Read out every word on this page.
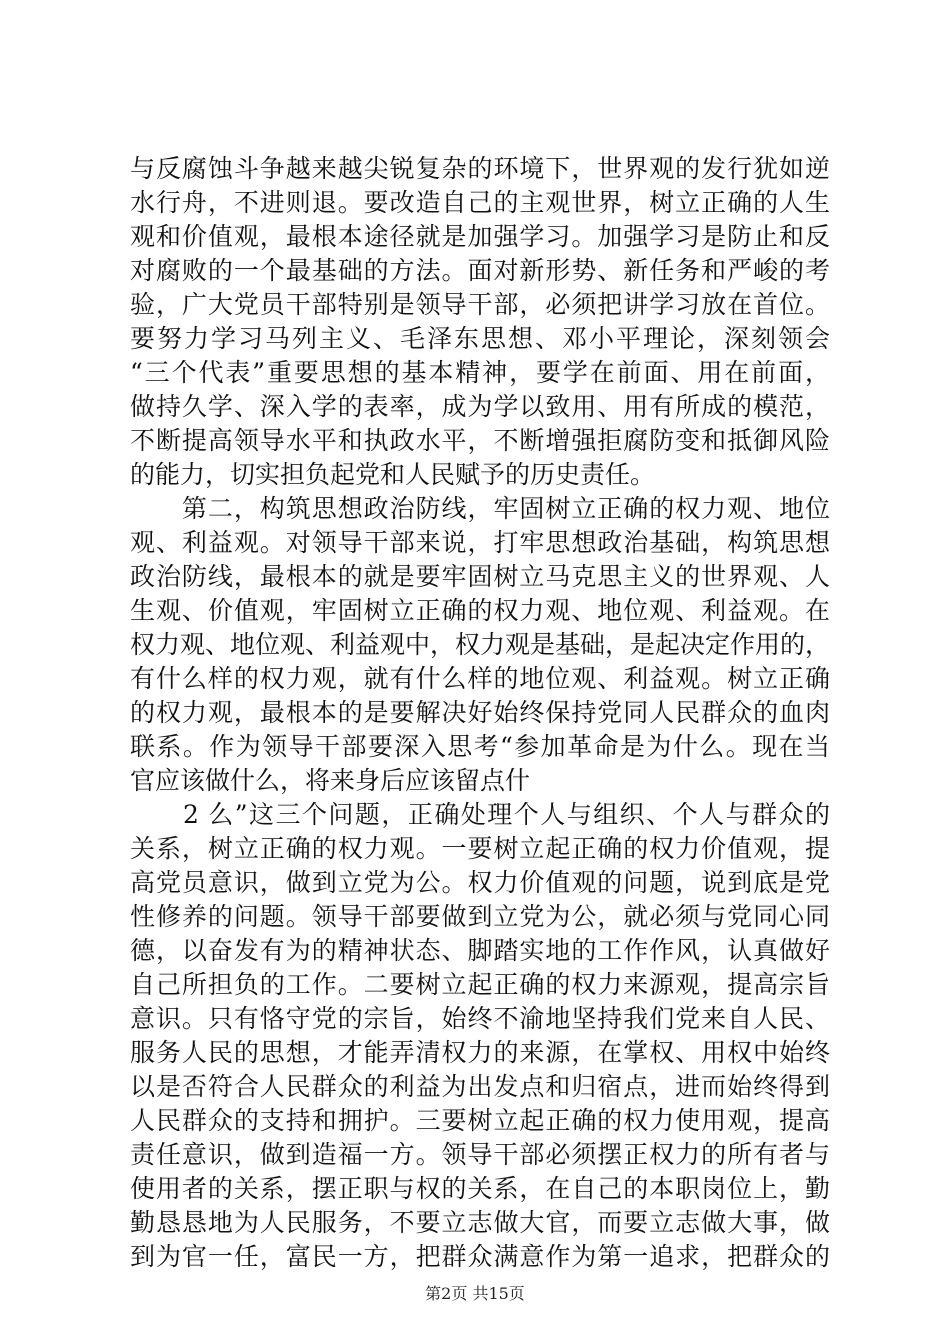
与反腐蚀斗争越来越尖锐复杂的环境下，世界观的发行犹如逆
水行舟，不进则退。要改造自己的主观世界，树立正确的人生
观和价值观，最根本途径就是加强学习。加强学习是防止和反
对腐败的一个最基础的方法。面对新形势、新任务和严峻的考
验，广大党员干部特别是领导干部，必须把讲学习放在首位。
要努力学习马列主义、毛泽东思想、邓小平理论，深刻领会
“三个代表”重要思想的基本精神，要学在前面、用在前面，
做持久学、深入学的表率，成为学以致用、用有所成的模范，
不断提高领导水平和执政水平，不断增强拒腐防变和抵御风险
的能力，切实担负起党和人民赋予的历史责任。
　　第二，构筑思想政治防线，牢固树立正确的权力观、地位
观、利益观。对领导干部来说，打牢思想政治基础，构筑思想
政治防线，最根本的就是要牢固树立马克思主义的世界观、人
生观、价值观，牢固树立正确的权力观、地位观、利益观。在
权力观、地位观、利益观中，权力观是基础，是起决定作用的，
有什么样的权力观，就有什么样的地位观、利益观。树立正确
的权力观，最根本的是要解决好始终保持党同人民群众的血肉
联系。作为领导干部要深入思考“参加革命是为什么。现在当
官应该做什么，将来身后应该留点什
　　2 么”这三个问题，正确处理个人与组织、个人与群众的
关系，树立正确的权力观。一要树立起正确的权力价值观，提
高党员意识，做到立党为公。权力价值观的问题，说到底是党
性修养的问题。领导干部要做到立党为公，就必须与党同心同
德，以奋发有为的精神状态、脚踏实地的工作作风，认真做好
自己所担负的工作。二要树立起正确的权力来源观，提高宗旨
意识。只有恪守党的宗旨，始终不渝地坚持我们党来自人民、
服务人民的思想，才能弄清权力的来源，在掌权、用权中始终
以是否符合人民群众的利益为出发点和归宿点，进而始终得到
人民群众的支持和拥护。三要树立起正确的权力使用观，提高
责任意识，做到造福一方。领导干部必须摆正权力的所有者与
使用者的关系，摆正职与权的关系，在自己的本职岗位上，勤
勤恳恳地为人民服务，不要立志做大官，而要立志做大事，做
到为官一任，富民一方，把群众满意作为第一追求，把群众的
第2页 共15页
